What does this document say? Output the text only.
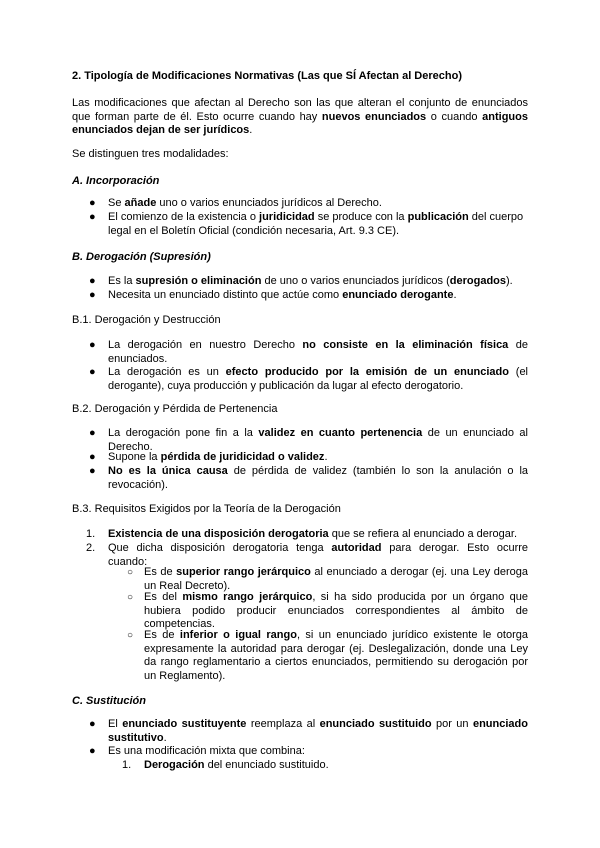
2. Tipología de Modificaciones Normativas (Las que SÍ Afectan al Derecho)

Las modificaciones que afectan al Derecho son las que alteran el conjunto de enunciados que forman parte de él. Esto ocurre cuando hay nuevos enunciados o cuando antiguos enunciados dejan de ser jurídicos.

Se distinguen tres modalidades:

A. Incorporación

● Se añade uno o varios enunciados jurídicos al Derecho.
● El comienzo de la existencia o juridicidad se produce con la publicación del cuerpo legal en el Boletín Oficial (condición necesaria, Art. 9.3 CE).

B. Derogación (Supresión)

● Es la supresión o eliminación de uno o varios enunciados jurídicos (derogados).
● Necesita un enunciado distinto que actúe como enunciado derogante.

B.1. Derogación y Destrucción

● La derogación en nuestro Derecho no consiste en la eliminación física de enunciados.
● La derogación es un efecto producido por la emisión de un enunciado (el derogante), cuya producción y publicación da lugar al efecto derogatorio.

B.2. Derogación y Pérdida de Pertenencia

● La derogación pone fin a la validez en cuanto pertenencia de un enunciado al Derecho.
● Supone la pérdida de juridicidad o validez.
● No es la única causa de pérdida de validez (también lo son la anulación o la revocación).

B.3. Requisitos Exigidos por la Teoría de la Derogación

1. Existencia de una disposición derogatoria que se refiera al enunciado a derogar.
2. Que dicha disposición derogatoria tenga autoridad para derogar. Esto ocurre cuando:
○ Es de superior rango jerárquico al enunciado a derogar (ej. una Ley deroga un Real Decreto).
○ Es del mismo rango jerárquico, si ha sido producida por un órgano que hubiera podido producir enunciados correspondientes al ámbito de competencias.
○ Es de inferior o igual rango, si un enunciado jurídico existente le otorga expresamente la autoridad para derogar (ej. Deslegalización, donde una Ley da rango reglamentario a ciertos enunciados, permitiendo su derogación por un Reglamento).

C. Sustitución

● El enunciado sustituyente reemplaza al enunciado sustituido por un enunciado sustitutivo.
● Es una modificación mixta que combina:
1. Derogación del enunciado sustituido.
